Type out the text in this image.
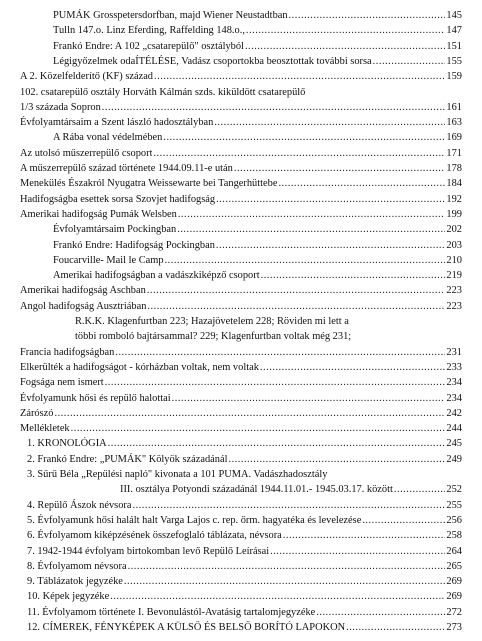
PUMÁK Grosspetersdorfban, majd Wiener Neustadtban .....	145
Tulln 147.o. Linz Eferding, Raffelding 148.o., .....	147
Frankó Endre: A 102 „csatarepülő" osztályból .....	151
Légigyőzelmek odaÍTÉLÉSE, Vadász csoportokba beosztottak további sorsa .....	155
A 2. Közelfelderítő (KF) század .....	159
102. csatarepülő osztály Horváth Kálmán szds. kiküldött csatarepülő
1/3 százada Sopron .....	161
Évfolyamtársaim a Szent lászló hadosztályban .....	163
A Rába vonal védelmében .....	169
Az utolsó műszerrepülő csoport .....	171
A műszerrepülő század története 1944.09.11-e után .....	178
Menekülés Északról Nyugatra Weissewarte bei Tangerhüttebe .....	184
Hadifogságba esettek sorsa Szovjet hadifogság .....	192
Amerikai hadifogság Pumák Welsben .....	199
Évfolyamtársaim Pockingban .....	202
Frankó Endre: Hadifogság Pockingban .....	203
Foucarville- Mail le Camp .....	210
Amerikai hadifogságban a vadászkiképző csoport .....	219
Amerikai hadifogság Aschban .....	223
Angol hadifogság Ausztriában .....	223
R.K.K. Klagenfurtban 223; Hazajövetelem 228; Röviden mi lett a
többi romboló bajtársammal? 229; Klagenfurtban voltak még 231;
Francia hadifogságban .....	231
Elkerülték a hadifogságot - kórházban voltak, nem voltak .....	233
Fogsága nem ismert .....	234
Évfolyamunk hősi és repülő halottai .....	234
Zárószó .....	242
Mellékletek .....	244
1. KRONOLÓGIA .....	245
2. Frankó Endre: „PUMÁK" Kölyök századánál .....	249
3. Sűrű Béla „Repülési napló" kivonata a 101 PUMA. Vadászhadosztály
III. osztálya Potyondi századánál 1944.11.01.- 1945.03.17. között .....	252
4. Repülő Ászok névsora .....	255
5. Évfolyamunk hősi halált halt Varga Lajos c. rep. őrm. hagyatéka és levelezése .....	256
6. Évfolyamom kiképzésének összefoglaló táblázata, névsora .....	258
7. 1942-1944 évfolyam birtokomban levő Repülő Leírásai .....	264
8. Évfolyamom névsora .....	265
9. Táblázatok jegyzéke .....	269
10. Képek jegyzéke .....	269
11. Évfolyamom története I. Bevonulástól-Avatásig tartalomjegyzéke .....	272
12. CÍMEREK, FÉNYKÉPEK A KÜLSŐ ÉS BELSŐ BORÍTÓ LAPOKON .....	273
